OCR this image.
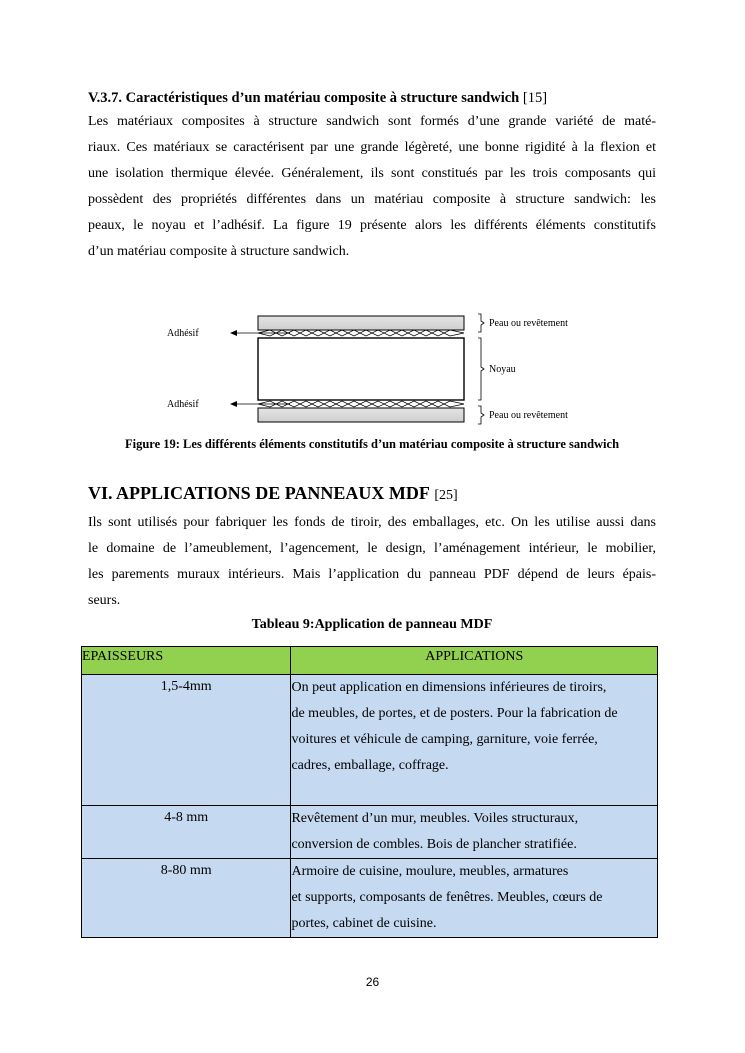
V.3.7. Caractéristiques d’un matériau composite à structure sandwich [15]
Les matériaux composites à structure sandwich sont formés d’une grande variété de maté-
riaux. Ces matériaux se caractérisent par une grande légèreté, une bonne rigidité à la flexion et
une isolation thermique élevée. Généralement, ils sont constitués par les trois composants qui
possèdent des propriétés différentes dans un matériau composite à structure sandwich: les
peaux, le noyau et l’adhésif. La figure 19 présente alors les différents éléments constitutifs
d’un matériau composite à structure sandwich.
Adhésif
Adhésif
Peau ou revêtement
Noyau
Peau ou revêtement
Figure 19: Les différents éléments constitutifs d’un matériau composite à structure sandwich
VI. APPLICATIONS DE PANNEAUX MDF [25]
Ils sont utilisés pour fabriquer les fonds de tiroir, des emballages, etc. On les utilise aussi dans
le domaine de l’ameublement, l’agencement, le design, l’aménagement intérieur, le mobilier,
les parements muraux intérieurs. Mais l’application du panneau PDF dépend de leurs épais-
seurs.
Tableau 9:Application de panneau MDF
EPAISSEURS	APPLICATIONS
1,5-4mm	On peut application en dimensions inférieures de tiroirs,
de meubles, de portes, et de posters. Pour la fabrication de
voitures et véhicule de camping, garniture, voie ferrée,
cadres, emballage, coffrage.

4-8 mm	Revêtement d’un mur, meubles. Voiles structuraux,
conversion de combles. Bois de plancher stratifiée.

8-80 mm	Armoire de cuisine, moulure, meubles, armatures
et supports, composants de fenêtres. Meubles, cœurs de
portes, cabinet de cuisine.
26
